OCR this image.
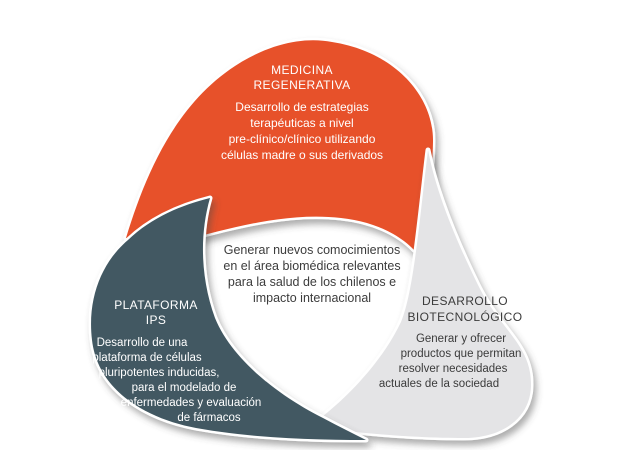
MEDICINA
REGENERATIVA
Desarrollo de estrategias
terapéuticas a nivel
pre-clínico/clínico utilizando
células madre o sus derivados
Generar nuevos comocimientos
en el área biomédica relevantes
para la salud de los chilenos e
impacto internacional
PLATAFORMA
IPS
Desarrollo de una
plataforma de células
pluripotentes inducidas,
para el modelado de
enfermedades y evaluación
de fármacos
DESARROLLO
BIOTECNOLÓGICO
Generar y ofrecer
productos que permitan
resolver necesidades
actuales de la sociedad
